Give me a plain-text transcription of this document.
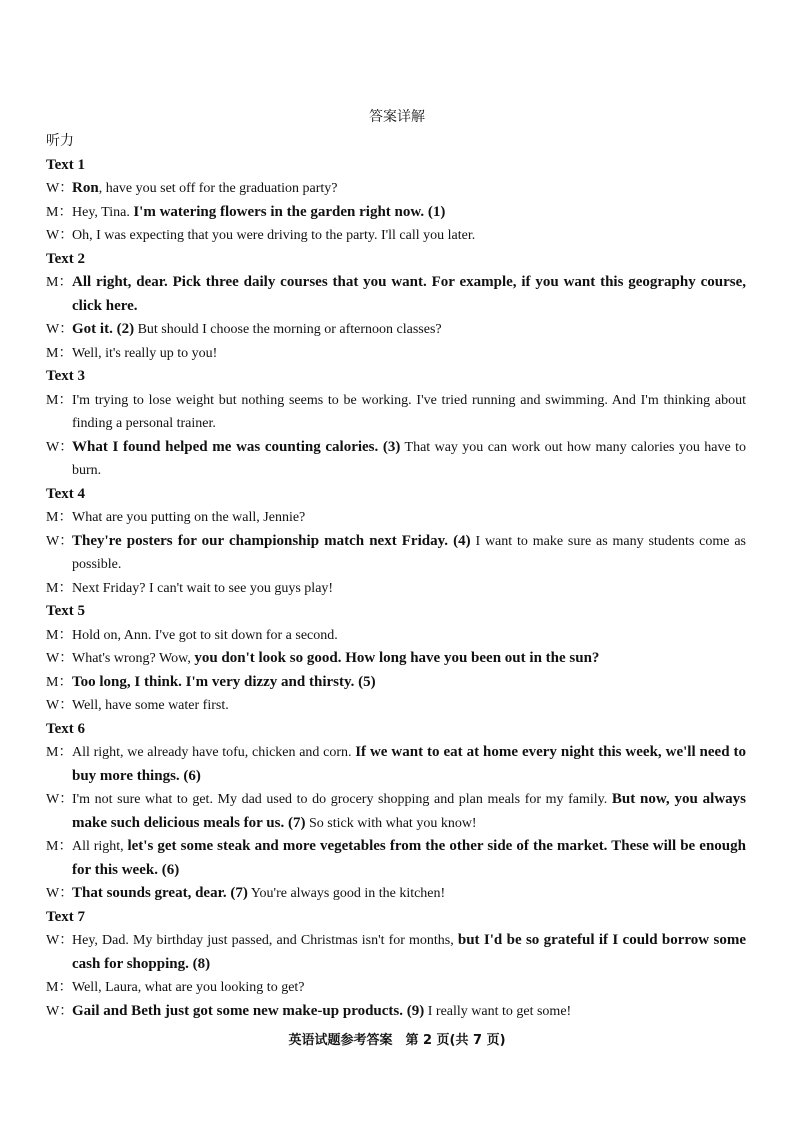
答案详解
听力
Text 1
W：
Ron, have you set off for the graduation party?
M： Hey, Tina. I'm watering flowers in the garden right now. (1)
W：
Oh, I was expecting that you were driving to the party. I'll call you later.
Text 2
M： All right, dear. Pick three daily courses that you want. For example, if you want this geography course, click here.
W：
Got it. (2) But should I choose the morning or afternoon classes?
M： Well, it's really up to you!
Text 3
M： I'm trying to lose weight but nothing seems to be working. I've tried running and swimming. And I'm thinking about finding a personal trainer.
W：
What I found helped me was counting calories. (3) That way you can work out how many calories you have to burn.
Text 4
M： What are you putting on the wall, Jennie?
W：
They're posters for our championship match next Friday. (4) I want to make sure as many students come as possible.
M： Next Friday? I can't wait to see you guys play!
Text 5
M： Hold on, Ann. I've got to sit down for a second.
W：
What's wrong? Wow, you don't look so good. How long have you been out in the sun?
M： Too long, I think. I'm very dizzy and thirsty. (5)
W：
Well, have some water first.
Text 6
M： All right, we already have tofu, chicken and corn. If we want to eat at home every night this week, we'll need to buy more things. (6)
W：
I'm not sure what to get. My dad used to do grocery shopping and plan meals for my family. But now, you always make such delicious meals for us. (7) So stick with what you know!
M： All right, let's get some steak and more vegetables from the other side of the market. These will be enough for this week. (6)
W：
That sounds great, dear. (7) You're always good in the kitchen!
Text 7
W：
Hey, Dad. My birthday just passed, and Christmas isn't for months, but I'd be so grateful if I could borrow some cash for shopping. (8)
M： Well, Laura, what are you looking to get?
W：
Gail and Beth just got some new make-up products. (9) I really want to get some!
英语试题参考答案　第 2 页(共 7 页)
